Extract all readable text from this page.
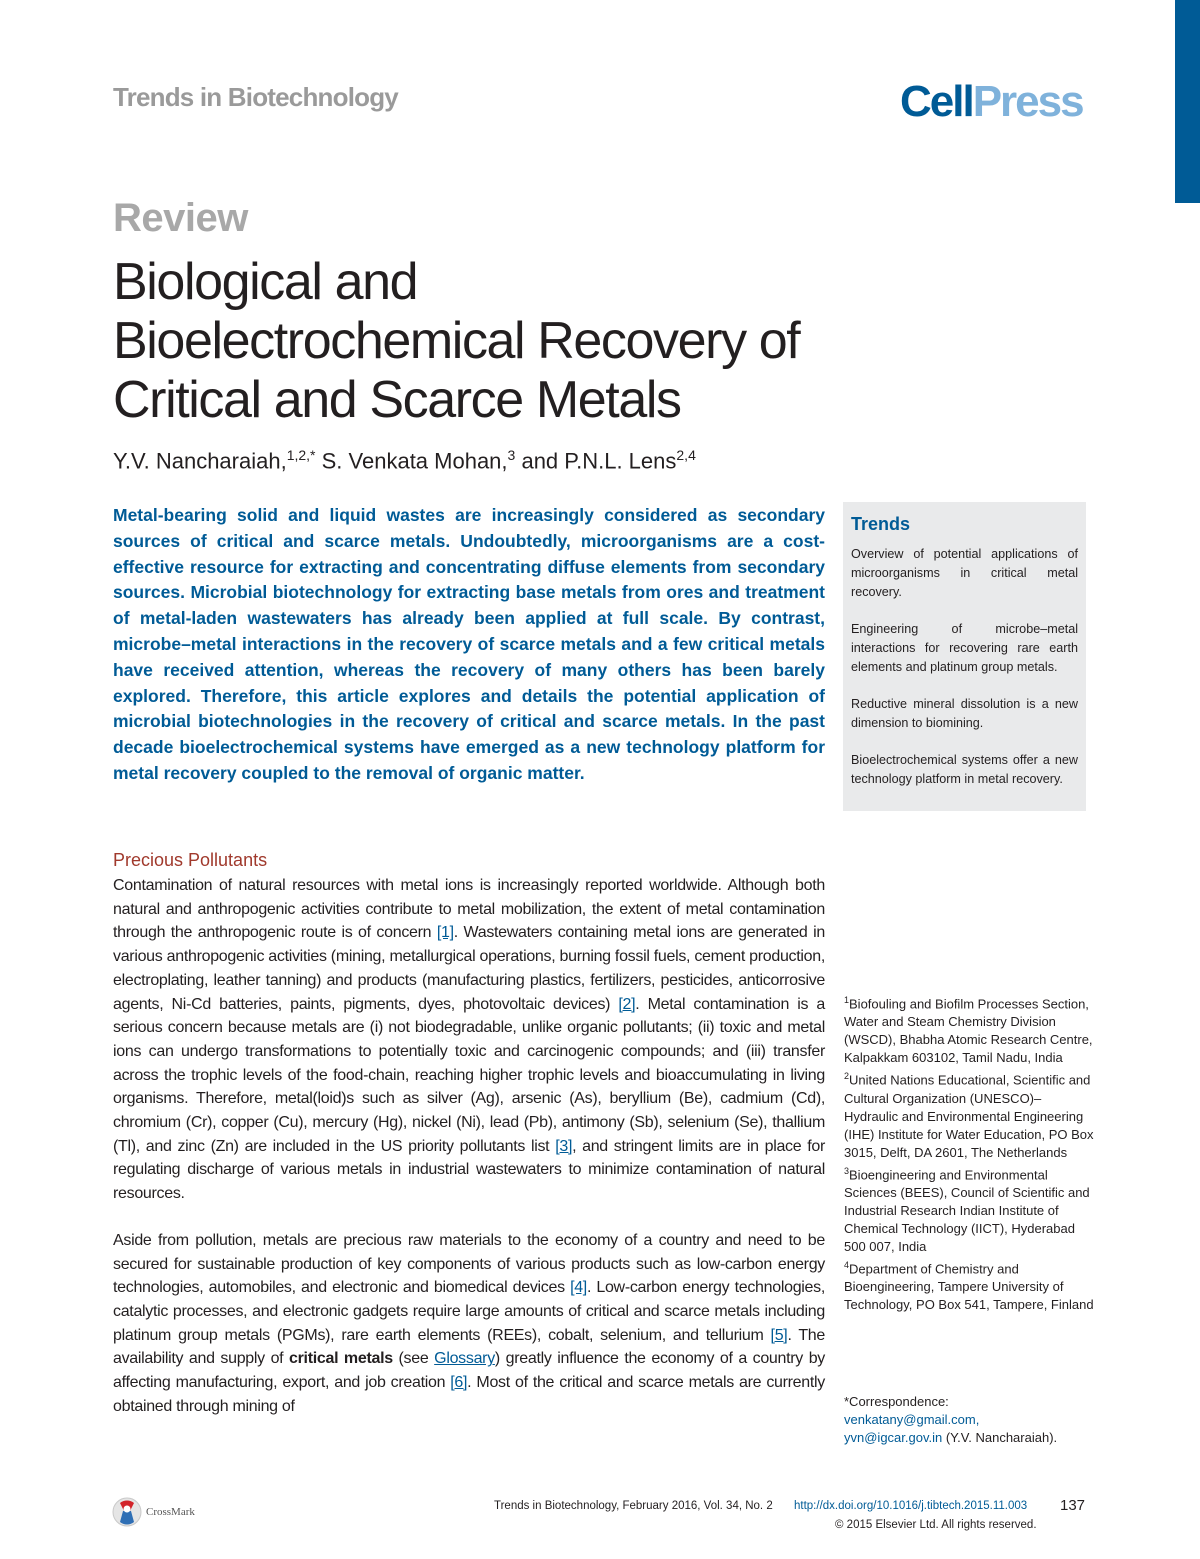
Trends in Biotechnology	CellPress
Review
Biological and Bioelectrochemical Recovery of Critical and Scarce Metals
Y.V. Nancharaiah,$^{1,2,*}$ S. Venkata Mohan,$^3$ and P.N.L. Lens$^{2,4}$

Metal-bearing solid and liquid wastes are increasingly considered as secondary sources of critical and scarce metals. Undoubtedly, microorganisms are a cost-effective resource for extracting and concentrating diffuse elements from secondary sources. Microbial biotechnology for extracting base metals from ores and treatment of metal-laden wastewaters has already been applied at full scale. By contrast, microbe–metal interactions in the recovery of scarce metals and a few critical metals have received attention, whereas the recovery of many others has been barely explored. Therefore, this article explores and details the potential application of microbial biotechnologies in the recovery of critical and scarce metals. In the past decade bioelectrochemical systems have emerged as a new technology platform for metal recovery coupled to the removal of organic matter.

Trends

Overview of potential applications of microorganisms in critical metal recovery.

Engineering of microbe–metal interactions for recovering rare earth elements and platinum group metals.

Reductive mineral dissolution is a new dimension to biomining.

Bioelectrochemical systems offer a new technology platform in metal recovery.

Precious Pollutants

Contamination of natural resources with metal ions is increasingly reported worldwide. Although both natural and anthropogenic activities contribute to metal mobilization, the extent of metal contamination through the anthropogenic route is of concern [1]. Wastewaters containing metal ions are generated in various anthropogenic activities (mining, metallurgical operations, burning fossil fuels, cement production, electroplating, leather tanning) and products (manufacturing plastics, fertilizers, pesticides, anticorrosive agents, Ni-Cd batteries, paints, pigments, dyes, photovoltaic devices) [2]. Metal contamination is a serious concern because metals are (i) not biodegradable, unlike organic pollutants; (ii) toxic and metal ions can undergo transformations to potentially toxic and carcinogenic compounds; and (iii) transfer across the trophic levels of the food-chain, reaching higher trophic levels and bioaccumulating in living organisms. Therefore, metal(loid)s such as silver (Ag), arsenic (As), beryllium (Be), cadmium (Cd), chromium (Cr), copper (Cu), mercury (Hg), nickel (Ni), lead (Pb), antimony (Sb), selenium (Se), thallium (Tl), and zinc (Zn) are included in the US priority pollutants list [3], and stringent limits are in place for regulating discharge of various metals in industrial wastewaters to minimize contamination of natural resources.

Aside from pollution, metals are precious raw materials to the economy of a country and need to be secured for sustainable production of key components of various products such as low-carbon energy technologies, automobiles, and electronic and biomedical devices [4]. Low-carbon energy technologies, catalytic processes, and electronic gadgets require large amounts of critical and scarce metals including platinum group metals (PGMs), rare earth elements (REEs), cobalt, selenium, and tellurium [5]. The availability and supply of critical metals (see Glossary) greatly influence the economy of a country by affecting manufacturing, export, and job creation [6]. Most of the critical and scarce metals are currently obtained through mining of

$^1$Biofouling and Biofilm Processes Section, Water and Steam Chemistry Division (WSCD), Bhabha Atomic Research Centre, Kalpakkam 603102, Tamil Nadu, India

$^2$United Nations Educational, Scientific and Cultural Organization (UNESCO)–Hydraulic and Environmental Engineering (IHE) Institute for Water Education, PO Box 3015, Delft, DA 2601, The Netherlands

$^3$Bioengineering and Environmental Sciences (BEES), Council of Scientific and Industrial Research Indian Institute of Chemical Technology (IICT), Hyderabad 500 007, India

$^4$Department of Chemistry and Bioengineering, Tampere University of Technology, PO Box 541, Tampere, Finland

*Correspondence:

venkatany@gmail.com,

yvn@igcar.gov.in (Y.V. Nancharaiah).

CrossMark	Trends in Biotechnology, February 2016, Vol. 34, No. 2 http://dx.doi.org/10.1016/j.tibtech.2015.11.003 137
© 2015 Elsevier Ltd. All rights reserved.
